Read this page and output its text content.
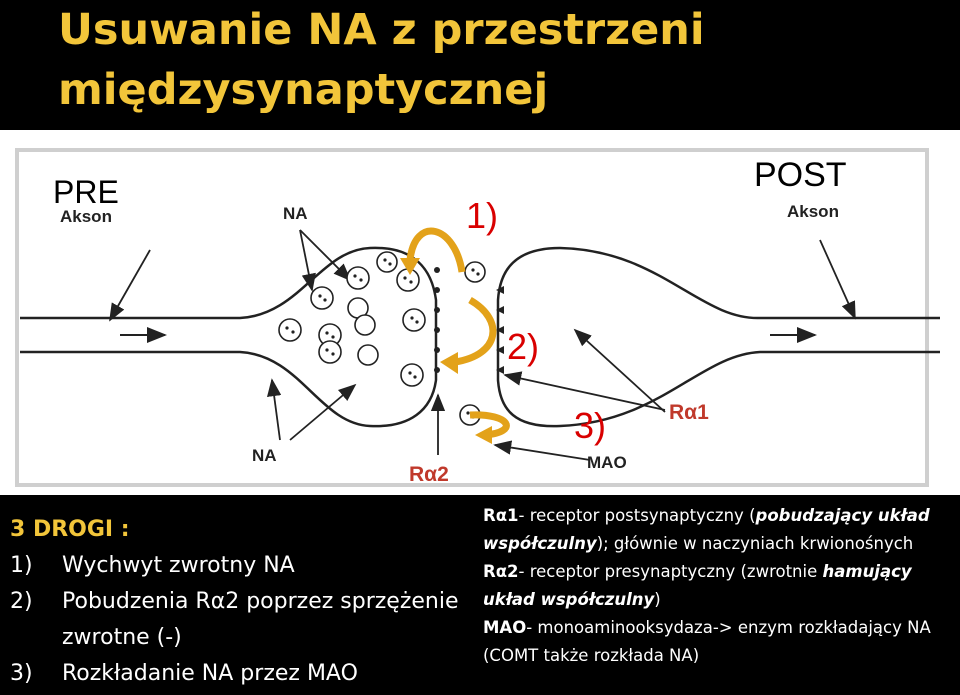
Usuwanie NA z przestrzeni międzysynaptycznej
PRE	POST
1)
2)
3)
Akson	NA	Akson
NA
Rα2
MAO
Rα1
3 DROGI :
1)	Wychwyt zwrotny NA
2)	Pobudzenia Rα2 poprzez sprzężenie zwrotne (-)
3)	Rozkładanie NA przez MAO
Rα1- receptor postsynaptyczny (pobudzający układ współczulny); głównie w naczyniach krwionośnych
Rα2- receptor presynaptyczny (zwrotnie hamujący układ współczulny)
MAO- monoaminooksydaza-> enzym rozkładający NA (COMT także rozkłada NA)
